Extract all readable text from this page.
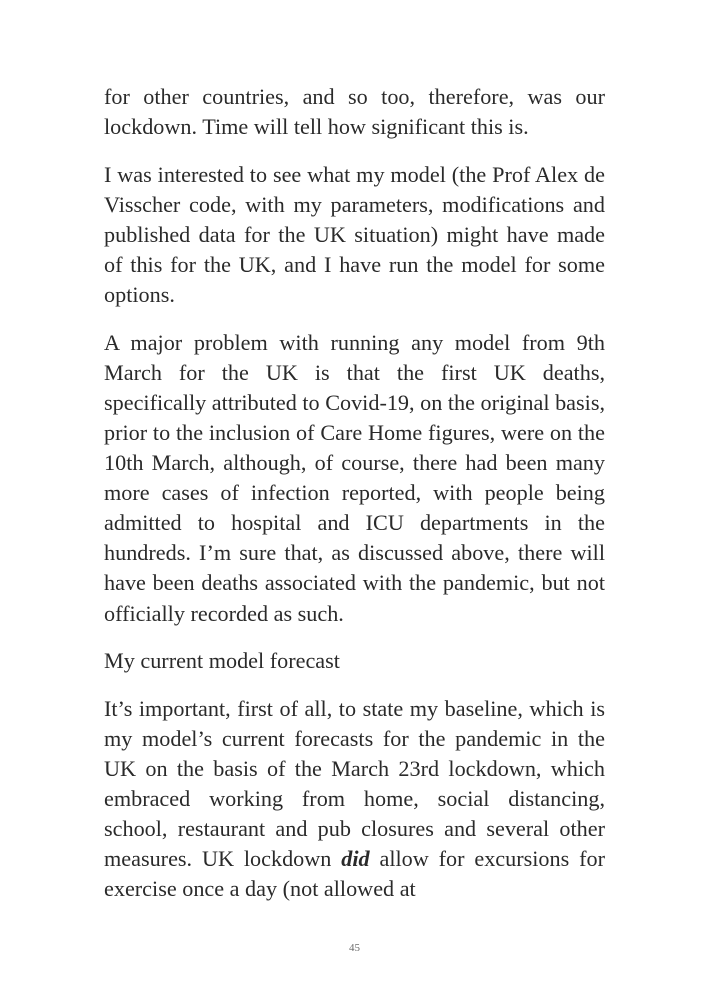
for other countries, and so too, therefore, was our lockdown. Time will tell how significant this is.

I was interested to see what my model (the Prof Alex de Visscher code, with my parameters, modifications and published data for the UK situation) might have made of this for the UK, and I have run the model for some options.

A major problem with running any model from 9th March for the UK is that the first UK deaths, specifically attributed to Covid-19, on the original basis, prior to the inclusion of Care Home figures, were on the 10th March, although, of course, there had been many more cases of infection reported, with people being admitted to hospital and ICU departments in the hundreds. I’m sure that, as discussed above, there will have been deaths associated with the pandemic, but not officially recorded as such.

My current model forecast

It’s important, first of all, to state my baseline, which is my model’s current forecasts for the pandemic in the UK on the basis of the March 23rd lockdown, which embraced working from home, social distancing, school, restaurant and pub closures and several other measures. UK lockdown did allow for excursions for exercise once a day (not allowed at

45
